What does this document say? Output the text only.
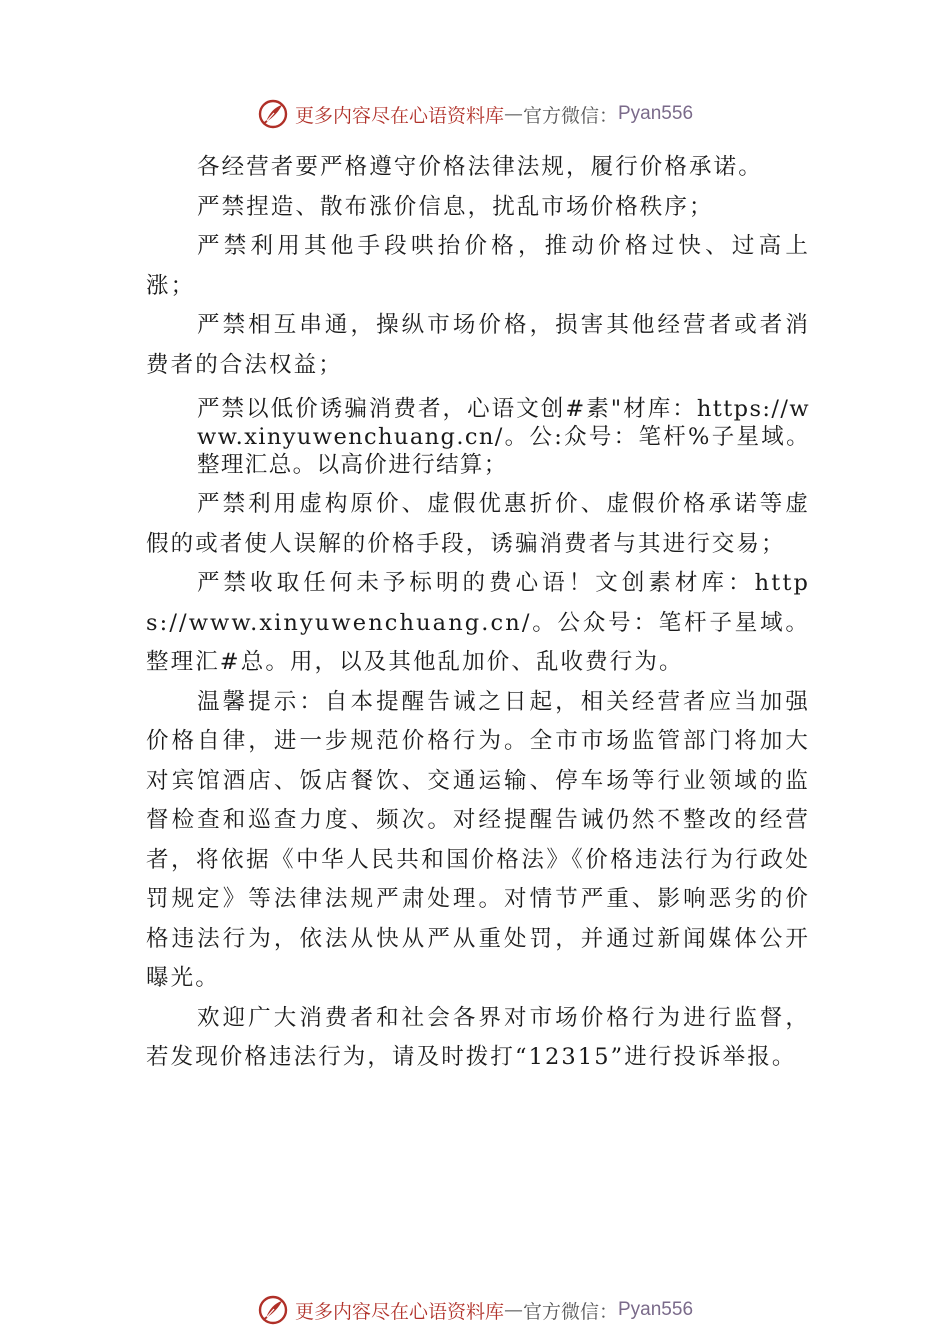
更多内容尽在心语资料库 — 官方微信： Pyan556

各经营者要严格遵守价格法律法规，履行价格承诺。

严禁捏造、散布涨价信息，扰乱市场价格秩序；

严禁利用其他手段哄抬价格，推动价格过快、过高上涨；

严禁相互串通，操纵市场价格，损害其他经营者或者消费者的合法权益；

严禁以低价诱骗消费者，心语文创#素"材库：https://www.xinyuwenchuang.cn/。公:众号：笔杆%子星域。整理汇总。以高价进行结算；

严禁利用虚构原价、虚假优惠折价、虚假价格承诺等虚假的或者使人误解的价格手段，诱骗消费者与其进行交易；

严禁收取任何未予标明的费心语！文创素材库：https://www.xinyuwenchuang.cn/。公众号：笔杆子星域。整理汇#总。用，以及其他乱加价、乱收费行为。

温馨提示：自本提醒告诫之日起，相关经营者应当加强价格自律，进一步规范价格行为。全市市场监管部门将加大对宾馆酒店、饭店餐饮、交通运输、停车场等行业领域的监督检查和巡查力度、频次。对经提醒告诫仍然不整改的经营者，将依据《中华人民共和国价格法》《价格违法行为行政处罚规定》等法律法规严肃处理。对情节严重、影响恶劣的价格违法行为，依法从快从严从重处罚，并通过新闻媒体公开曝光。

欢迎广大消费者和社会各界对市场价格行为进行监督，若发现价格违法行为，请及时拨打“12315”进行投诉举报。

更多内容尽在心语资料库 — 官方微信： Pyan556
